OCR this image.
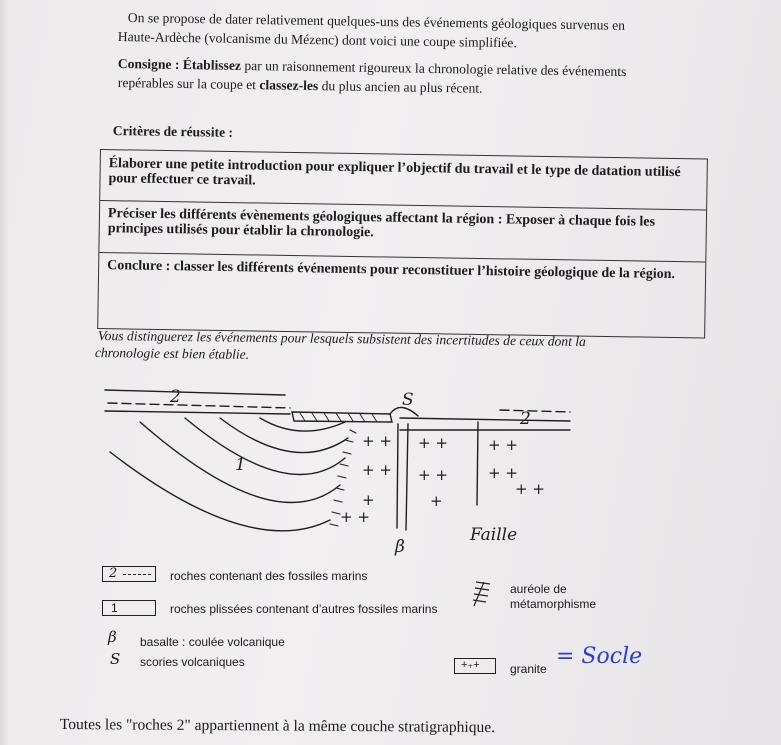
On se propose de dater relativement quelques-uns des événements géologiques survenus en
Haute-Ardèche (volcanisme du Mézenc) dont voici une coupe simplifiée.
Consigne : Établissez par un raisonnement rigoureux la chronologie relative des événements
repérables sur la coupe et classez-les du plus ancien au plus récent.
Critères de réussite :
Élaborer une petite introduction pour expliquer l’objectif du travail et le type de datation utilisé pour effectuer ce travail.
Préciser les différents évènements géologiques affectant la région : Exposer à chaque fois les principes utilisés pour établir la chronologie.
Conclure : classer les différents événements pour reconstituer l’histoire géologique de la région.
Vous distinguerez les événements pour lesquels subsistent des incertitudes de ceux dont la
chronologie est bien établie.
+ +
+ +
+
+ +
+ +
+ +
+
+ +
+ +
+ +
2
2
1
S
β
Faille
2	roches contenant des fossiles marins
1	roches plissées contenant d’autres fossiles marins
β basalte : coulée volcanique
S scories volcaniques
auréole de
métamorphisme
+₊+	granite = Socle
Toutes les "roches 2" appartiennent à la même couche stratigraphique.
